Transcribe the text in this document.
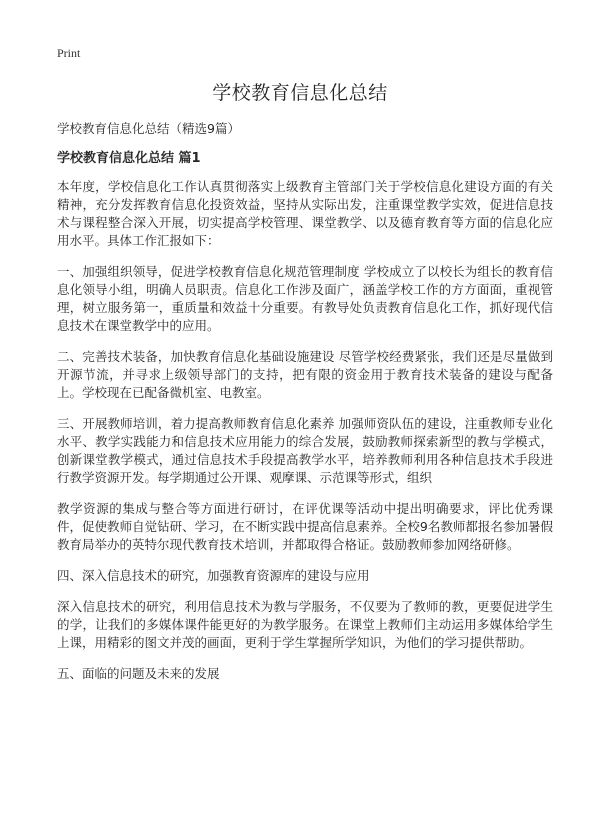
Print
学校教育信息化总结

学校教育信息化总结（精选9篇）

学校教育信息化总结 篇1

本年度，学校信息化工作认真贯彻落实上级教育主管部门关于学校信息化建设方面的有关精神，充分发挥教育信息化投资效益，坚持从实际出发，注重课堂教学实效，促进信息技术与课程整合深入开展，切实提高学校管理、课堂教学、以及德育教育等方面的信息化应用水平。具体工作汇报如下：

一、加强组织领导，促进学校教育信息化规范管理制度 学校成立了以校长为组长的教育信息化领导小组，明确人员职责。信息化工作涉及面广，涵盖学校工作的方方面面，重视管理，树立服务第一，重质量和效益十分重要。有教导处负责教育信息化工作，抓好现代信息技术在课堂教学中的应用。

二、完善技术装备，加快教育信息化基础设施建设 尽管学校经费紧张，我们还是尽量做到开源节流，并寻求上级领导部门的支持，把有限的资金用于教育技术装备的建设与配备上。学校现在已配备微机室、电教室。

三、开展教师培训，着力提高教师教育信息化素养 加强师资队伍的建设，注重教师专业化水平、教学实践能力和信息技术应用能力的综合发展，鼓励教师探索新型的教与学模式，创新课堂教学模式，通过信息技术手段提高教学水平，培养教师利用各种信息技术手段进行教学资源开发。每学期通过公开课、观摩课、示范课等形式，组织

教学资源的集成与整合等方面进行研讨，在评优课等活动中提出明确要求，评比优秀课件，促使教师自觉钻研、学习，在不断实践中提高信息素养。全校9名教师都报名参加暑假教育局举办的英特尔现代教育技术培训，并都取得合格证。鼓励教师参加网络研修。

四、深入信息技术的研究，加强教育资源库的建设与应用

深入信息技术的研究，利用信息技术为教与学服务，不仅要为了教师的教，更要促进学生的学，让我们的多媒体课件能更好的为教学服务。在课堂上教师们主动运用多媒体给学生上课，用精彩的图文并茂的画面，更利于学生掌握所学知识，为他们的学习提供帮助。

五、面临的问题及未来的发展
